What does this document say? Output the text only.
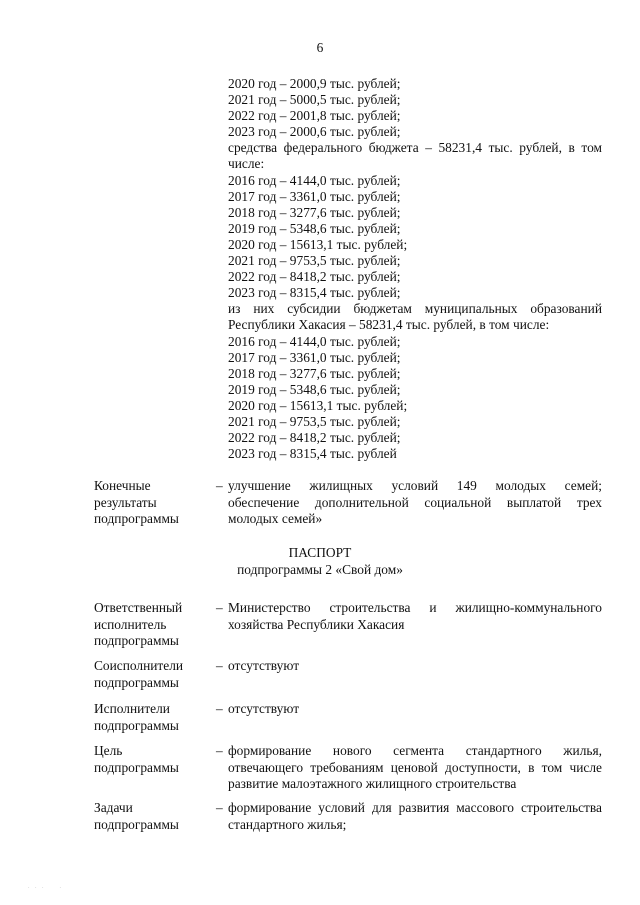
6
2020 год – 2000,9 тыс. рублей;
2021 год – 5000,5 тыс. рублей;
2022 год – 2001,8 тыс. рублей;
2023 год – 2000,6 тыс. рублей;
средства федерального бюджета – 58231,4 тыс. рублей, в том
числе:
2016 год – 4144,0 тыс. рублей;
2017 год – 3361,0 тыс. рублей;
2018 год – 3277,6 тыс. рублей;
2019 год – 5348,6 тыс. рублей;
2020 год – 15613,1 тыс. рублей;
2021 год – 9753,5 тыс. рублей;
2022 год – 8418,2 тыс. рублей;
2023 год – 8315,4 тыс. рублей;
из них субсидии бюджетам муниципальных образований
Республики Хакасия – 58231,4 тыс. рублей, в том числе:
2016 год – 4144,0 тыс. рублей;
2017 год – 3361,0 тыс. рублей;
2018 год – 3277,6 тыс. рублей;
2019 год – 5348,6 тыс. рублей;
2020 год – 15613,1 тыс. рублей;
2021 год – 9753,5 тыс. рублей;
2022 год – 8418,2 тыс. рублей;
2023 год – 8315,4 тыс. рублей
Конечные
результаты
подпрограммы
– улучшение жилищных условий 149 молодых семей;
обеспечение дополнительной социальной выплатой трех
молодых семей»
ПАСПОРТ
подпрограммы 2 «Свой дом»
Ответственный
исполнитель
подпрограммы
– Министерство строительства и жилищно-коммунального
хозяйства Республики Хакасия
Соисполнители
подпрограммы
– отсутствуют
Исполнители
подпрограммы
– отсутствуют
Цель
подпрограммы
– формирование нового сегмента стандартного жилья,
отвечающего требованиям ценовой доступности, в том числе
развитие малоэтажного жилищного строительства
Задачи
подпрограммы
– формирование условий для развития массового строительства
стандартного жилья;
. . .    .
